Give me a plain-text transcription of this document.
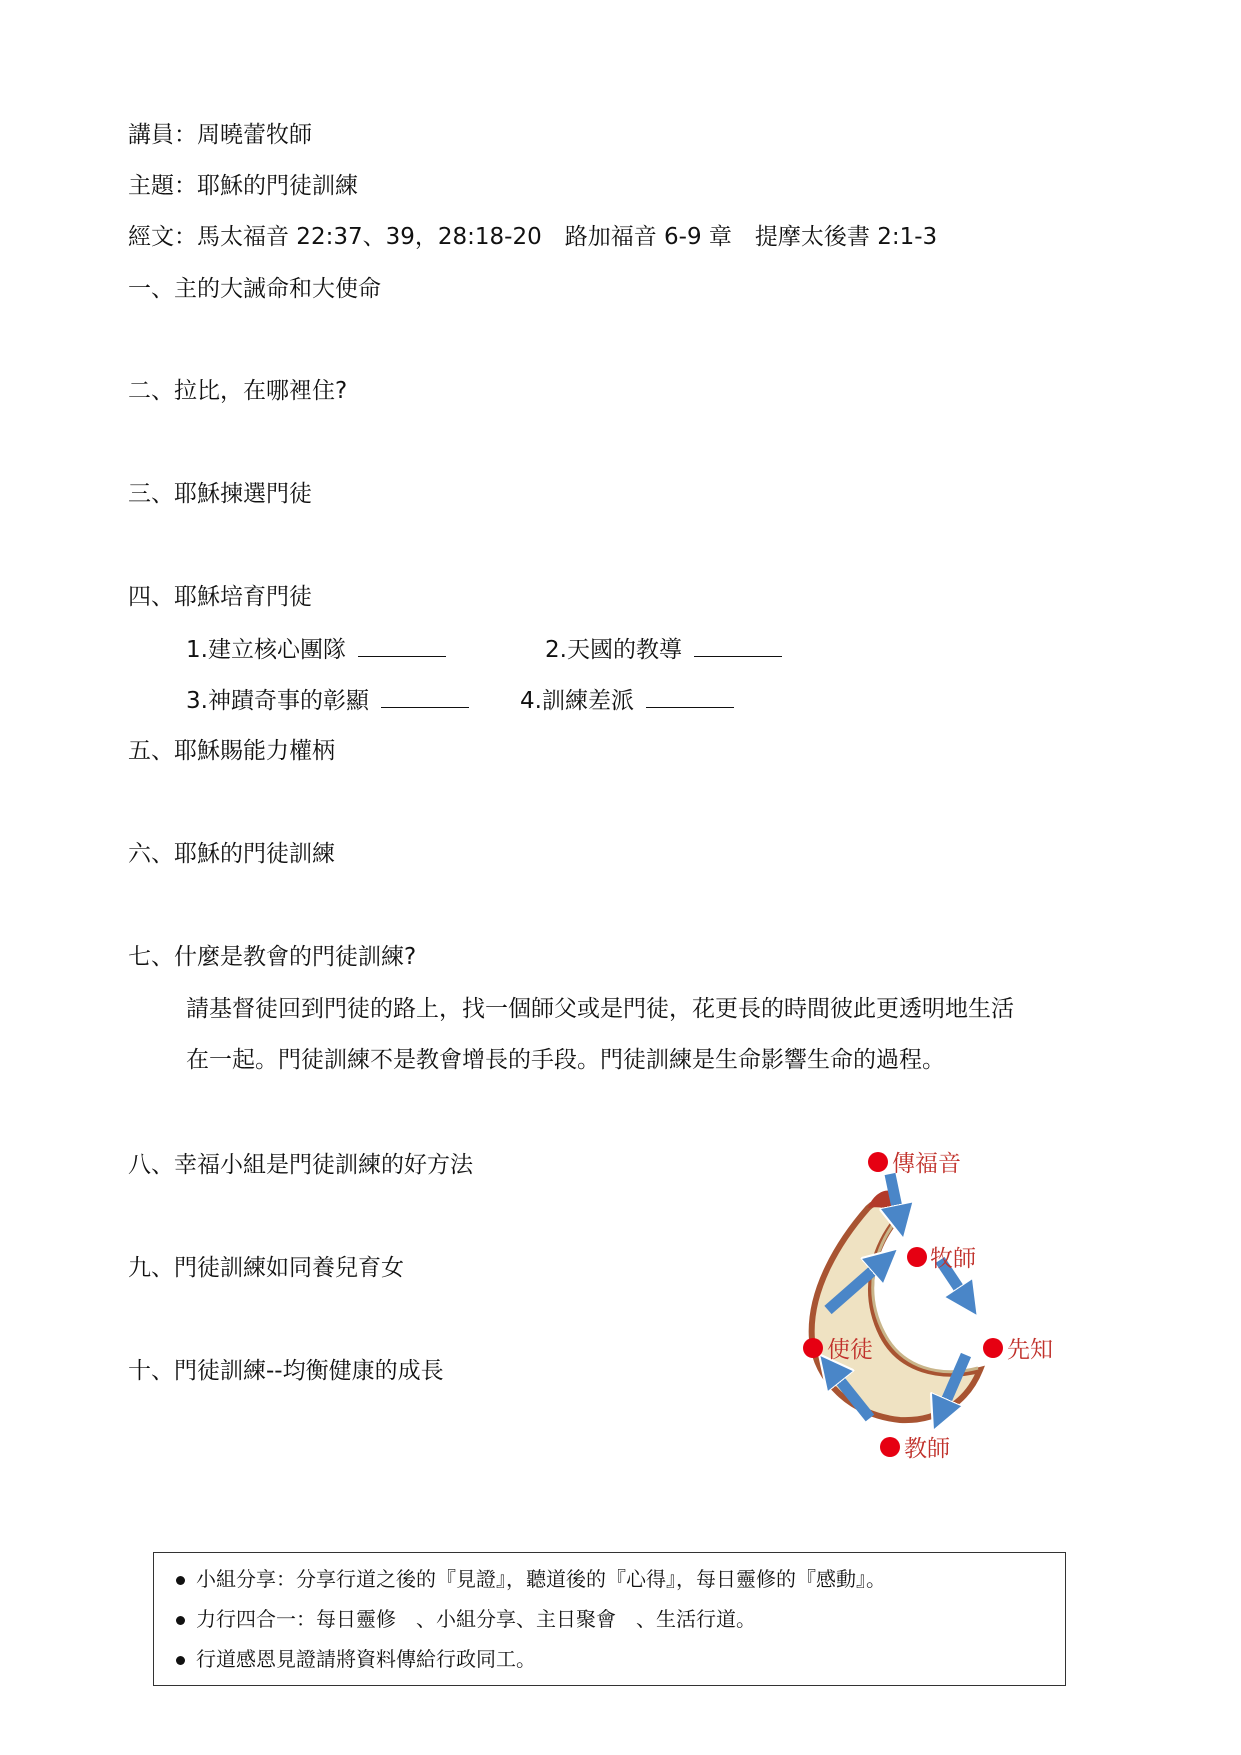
講員：周曉蕾牧師
主題：耶穌的門徒訓練
經文：馬太福音 22:37、39，28:18-20　路加福音 6-9 章　提摩太後書 2:1-3
一、主的大誡命和大使命
二、拉比，在哪裡住?
三、耶穌揀選門徒
四、耶穌培育門徒
1.建立核心團隊	2.天國的教導
3.神蹟奇事的彰顯	4.訓練差派
五、耶穌賜能力權柄
六、耶穌的門徒訓練
七、什麼是教會的門徒訓練?
請基督徒回到門徒的路上，找一個師父或是門徒，花更長的時間彼此更透明地生活
在一起。門徒訓練不是教會增長的手段。門徒訓練是生命影響生命的過程。
八、幸福小組是門徒訓練的好方法
九、門徒訓練如同養兒育女
十、門徒訓練--均衡健康的成長
傳福音
牧師
先知
教師
使徒
小組分享：分享行道之後的『見證』，聽道後的『心得』，每日靈修的『感動』。
力行四合一：每日靈修　、小組分享、主日聚會　、生活行道。
行道感恩見證請將資料傳給行政同工。
